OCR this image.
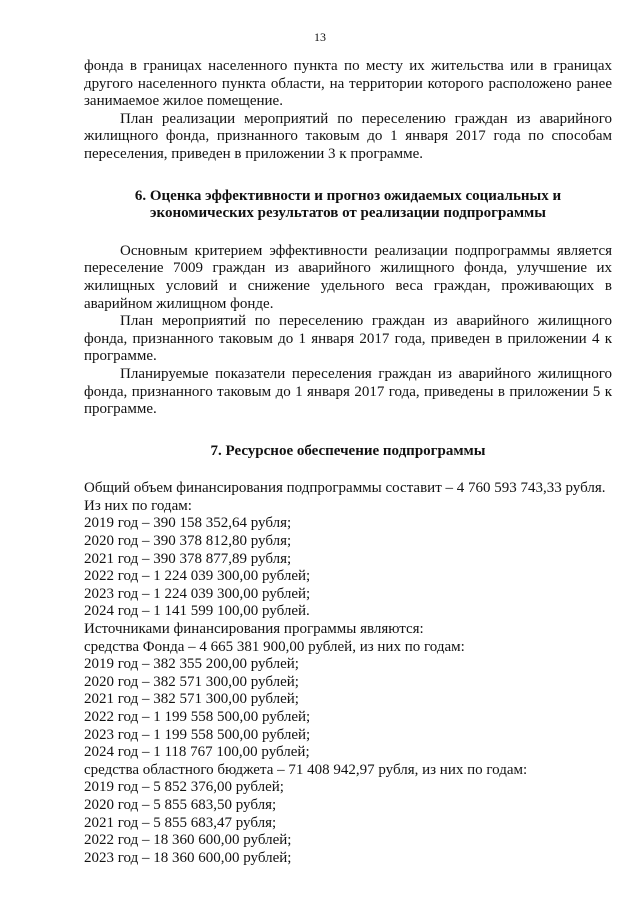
13

фонда в границах населенного пункта по месту их жительства или в границах другого населенного пункта области, на территории которого расположено ранее занимаемое жилое помещение.

План реализации мероприятий по переселению граждан из аварийного жилищного фонда, признанного таковым до 1 января 2017 года по способам переселения, приведен в приложении 3 к программе.

6. Оценка эффективности и прогноз ожидаемых социальных и
экономических результатов от реализации подпрограммы

Основным критерием эффективности реализации подпрограммы является переселение 7009 граждан из аварийного жилищного фонда, улучшение их жилищных условий и снижение удельного веса граждан, проживающих в аварийном жилищном фонде.

План мероприятий по переселению граждан из аварийного жилищного фонда, признанного таковым до 1 января 2017 года, приведен в приложении 4 к программе.

Планируемые показатели переселения граждан из аварийного жилищного фонда, признанного таковым до 1 января 2017 года, приведены в приложении 5 к программе.

7. Ресурсное обеспечение подпрограммы
Общий объем финансирования подпрограммы составит – 4 760 593 743,33 рубля.
Из них по годам:
2019 год – 390 158 352,64 рубля;
2020 год – 390 378 812,80 рубля;
2021 год – 390 378 877,89 рубля;
2022 год – 1 224 039 300,00 рублей;
2023 год – 1 224 039 300,00 рублей;
2024 год – 1 141 599 100,00 рублей.
Источниками финансирования программы являются:
средства Фонда – 4 665 381 900,00 рублей, из них по годам:
2019 год – 382 355 200,00 рублей;
2020 год – 382 571 300,00 рублей;
2021 год – 382 571 300,00 рублей;
2022 год – 1 199 558 500,00 рублей;
2023 год – 1 199 558 500,00 рублей;
2024 год – 1 118 767 100,00 рублей;
средства областного бюджета – 71 408 942,97 рубля, из них по годам:
2019 год – 5 852 376,00 рублей;
2020 год – 5 855 683,50 рубля;
2021 год – 5 855 683,47 рубля;
2022 год – 18 360 600,00 рублей;
2023 год – 18 360 600,00 рублей;
